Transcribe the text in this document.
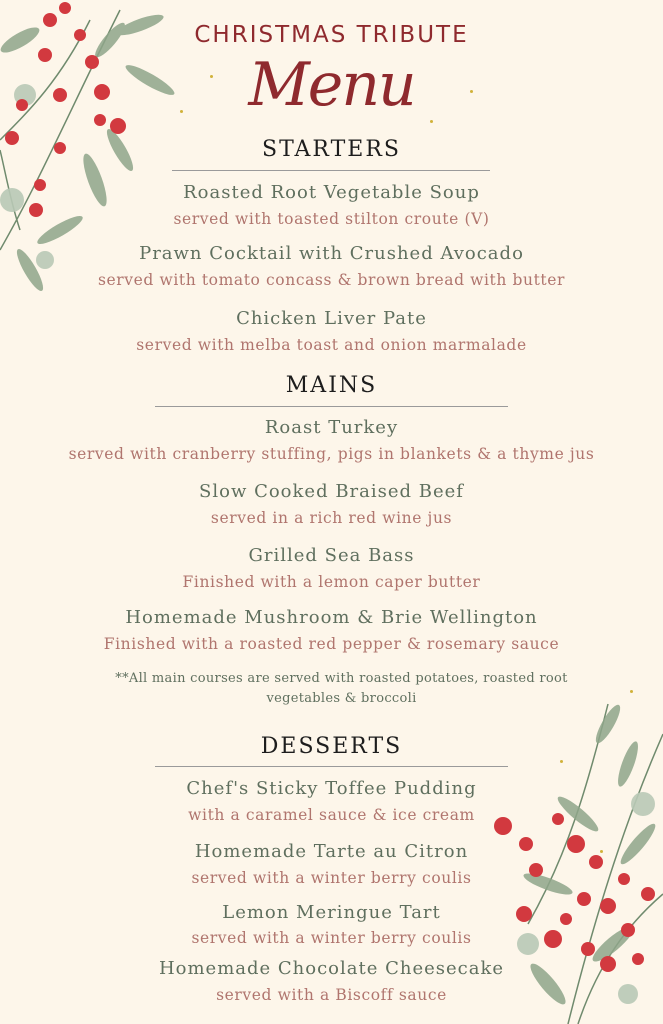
CHRISTMAS TRIBUTE
Menu
STARTERS
Roasted Root Vegetable Soup
served with toasted stilton croute (V)
Prawn Cocktail with Crushed Avocado
served with tomato concass & brown bread with butter
Chicken Liver Pate
served with melba toast and onion marmalade
MAINS
Roast Turkey
served with cranberry stuffing, pigs in blankets & a thyme jus
Slow Cooked Braised Beef
served in a rich red wine jus
Grilled Sea Bass
Finished with a lemon caper butter
Homemade Mushroom & Brie Wellington
Finished with a roasted red pepper & rosemary sauce
**All main courses are served with roasted potatoes, roasted root
vegetables & broccoli
DESSERTS
Chef's Sticky Toffee Pudding
with a caramel sauce & ice cream
Homemade Tarte au Citron
served with a winter berry coulis
Lemon Meringue Tart
served with a winter berry coulis
Homemade Chocolate Cheesecake
served with a Biscoff sauce
